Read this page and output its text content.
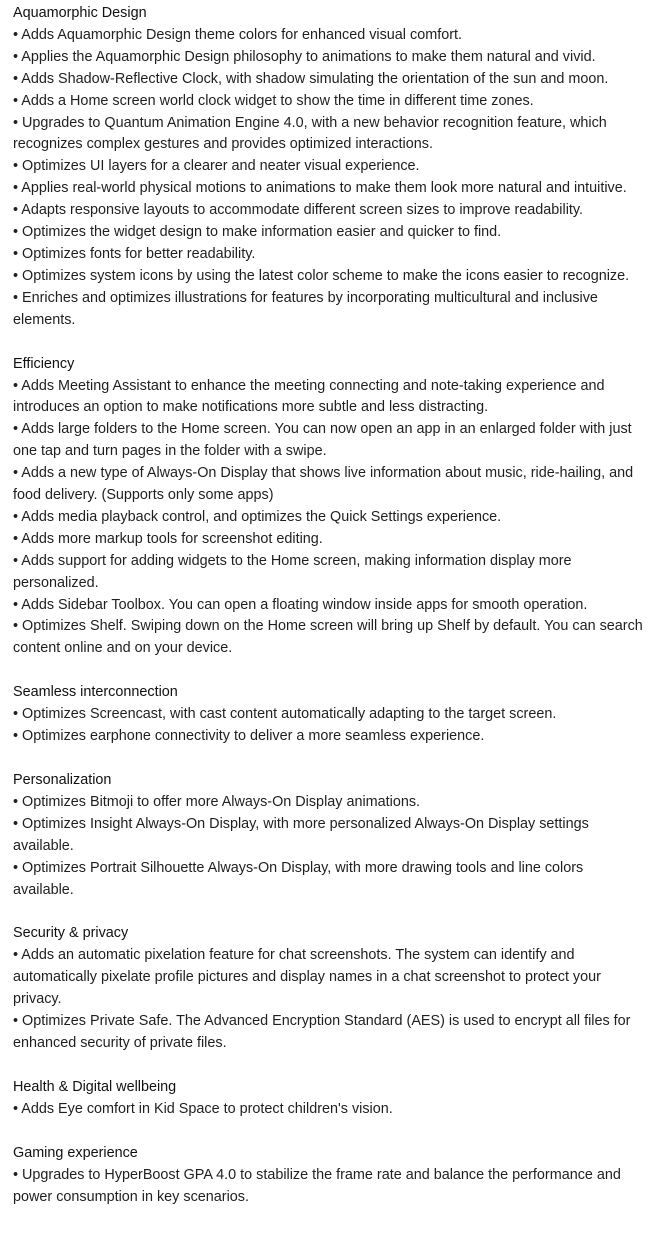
Aquamorphic Design
• Adds Aquamorphic Design theme colors for enhanced visual comfort.
• Applies the Aquamorphic Design philosophy to animations to make them natural and vivid.
• Adds Shadow-Reflective Clock, with shadow simulating the orientation of the sun and moon.
• Adds a Home screen world clock widget to show the time in different time zones.
• Upgrades to Quantum Animation Engine 4.0, with a new behavior recognition feature, which recognizes complex gestures and provides optimized interactions.
• Optimizes UI layers for a clearer and neater visual experience.
• Applies real-world physical motions to animations to make them look more natural and intuitive.
• Adapts responsive layouts to accommodate different screen sizes to improve readability.
• Optimizes the widget design to make information easier and quicker to find.
• Optimizes fonts for better readability.
• Optimizes system icons by using the latest color scheme to make the icons easier to recognize.
• Enriches and optimizes illustrations for features by incorporating multicultural and inclusive elements.
Efficiency
• Adds Meeting Assistant to enhance the meeting connecting and note-taking experience and introduces an option to make notifications more subtle and less distracting.
• Adds large folders to the Home screen. You can now open an app in an enlarged folder with just one tap and turn pages in the folder with a swipe.
• Adds a new type of Always-On Display that shows live information about music, ride-hailing, and food delivery. (Supports only some apps)
• Adds media playback control, and optimizes the Quick Settings experience.
• Adds more markup tools for screenshot editing.
• Adds support for adding widgets to the Home screen, making information display more personalized.
• Adds Sidebar Toolbox. You can open a floating window inside apps for smooth operation.
• Optimizes Shelf. Swiping down on the Home screen will bring up Shelf by default. You can search content online and on your device.
Seamless interconnection
• Optimizes Screencast, with cast content automatically adapting to the target screen.
• Optimizes earphone connectivity to deliver a more seamless experience.
Personalization
• Optimizes Bitmoji to offer more Always-On Display animations.
• Optimizes Insight Always-On Display, with more personalized Always-On Display settings available.
• Optimizes Portrait Silhouette Always-On Display, with more drawing tools and line colors available.
Security & privacy
• Adds an automatic pixelation feature for chat screenshots. The system can identify and automatically pixelate profile pictures and display names in a chat screenshot to protect your privacy.
• Optimizes Private Safe. The Advanced Encryption Standard (AES) is used to encrypt all files for enhanced security of private files.
Health & Digital wellbeing
• Adds Eye comfort in Kid Space to protect children's vision.
Gaming experience
• Upgrades to HyperBoost GPA 4.0 to stabilize the frame rate and balance the performance and power consumption in key scenarios.
